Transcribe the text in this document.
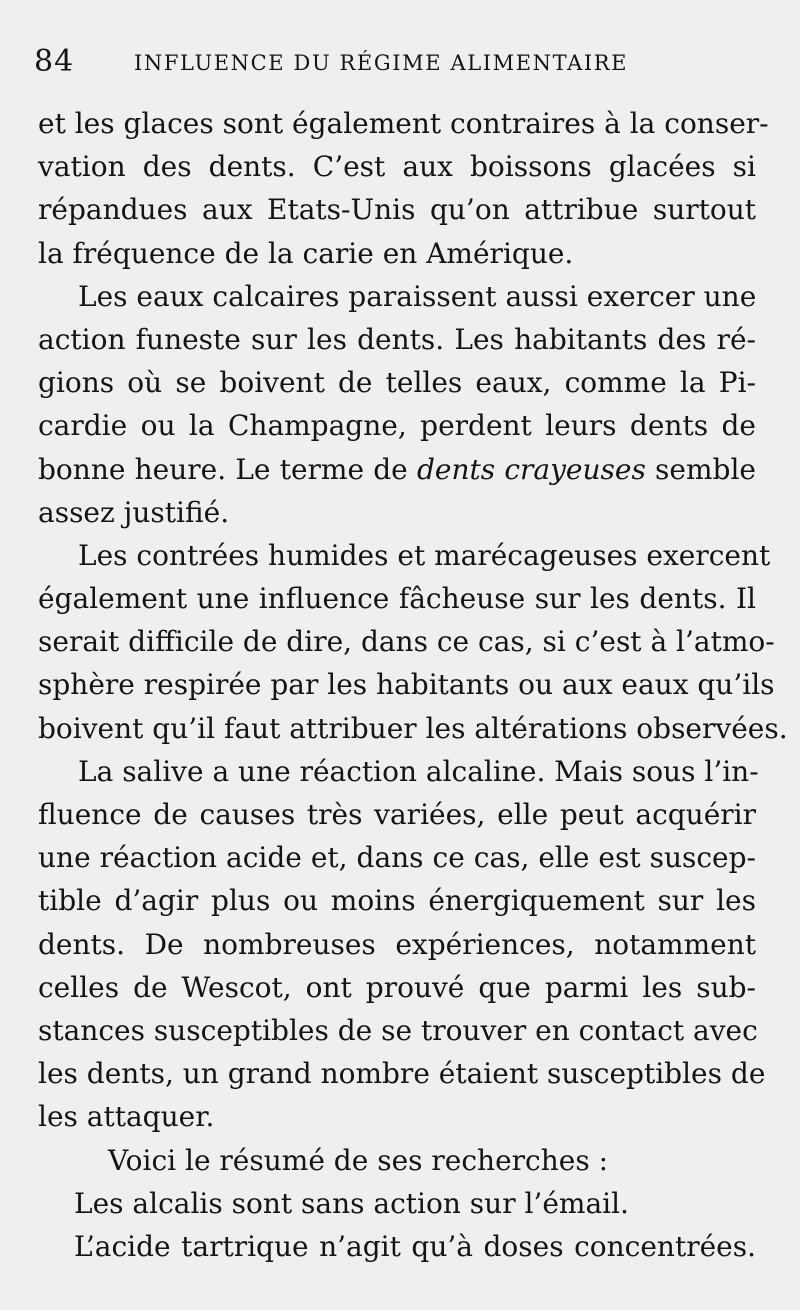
84	INFLUENCE DU RÉGIME ALIMENTAIRE
et les glaces sont également contraires à la conser-
vation des dents. C’est aux boissons glacées si
répandues aux Etats-Unis qu’on attribue surtout
la fréquence de la carie en Amérique.
Les eaux calcaires paraissent aussi exercer une
action funeste sur les dents. Les habitants des ré-
gions où se boivent de telles eaux, comme la Pi-
cardie ou la Champagne, perdent leurs dents de
bonne heure. Le terme de dents crayeuses semble
assez justifié.
Les contrées humides et marécageuses exercent
également une influence fâcheuse sur les dents. Il
serait difficile de dire, dans ce cas, si c’est à l’atmo-
sphère respirée par les habitants ou aux eaux qu’ils
boivent qu’il faut attribuer les altérations observées.
La salive a une réaction alcaline. Mais sous l’in-
fluence de causes très variées, elle peut acquérir
une réaction acide et, dans ce cas, elle est suscep-
tible d’agir plus ou moins énergiquement sur les
dents. De nombreuses expériences, notamment
celles de Wescot, ont prouvé que parmi les sub-
stances susceptibles de se trouver en contact avec
les dents, un grand nombre étaient susceptibles de
les attaquer.
Voici le résumé de ses recherches :
Les alcalis sont sans action sur l’émail.
L’acide tartrique n’agit qu’à doses concentrées.
